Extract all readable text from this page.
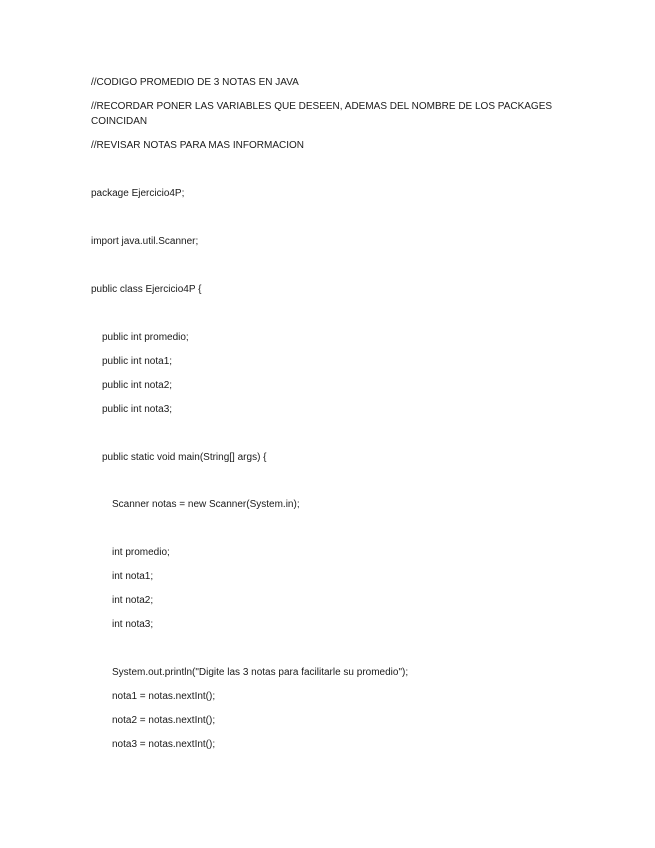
//CODIGO PROMEDIO DE 3 NOTAS EN JAVA
//RECORDAR PONER LAS VARIABLES QUE DESEEN, ADEMAS DEL NOMBRE DE LOS PACKAGES
COINCIDAN
//REVISAR NOTAS PARA MAS INFORMACION
package Ejercicio4P;
import java.util.Scanner;
public class Ejercicio4P {
public int promedio;
public int nota1;
public int nota2;
public int nota3;
public static void main(String[] args) {
Scanner notas = new Scanner(System.in);
int promedio;
int nota1;
int nota2;
int nota3;
System.out.println("Digite las 3 notas para facilitarle su promedio");
nota1 = notas.nextInt();
nota2 = notas.nextInt();
nota3 = notas.nextInt();
